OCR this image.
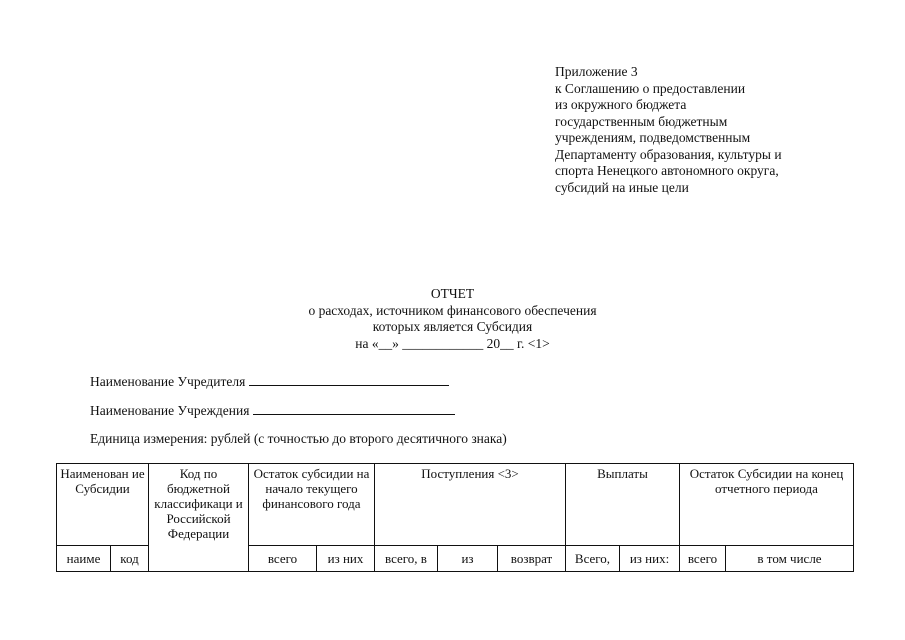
Приложение 3
к Соглашению о предоставлении
из окружного бюджета
государственным бюджетным
учреждениям, подведомственным
Департаменту образования, культуры и
спорта Ненецкого автономного округа,
субсидий на иные цели
ОТЧЕТ
о расходах, источником финансового обеспечения
которых является Субсидия
на «__» ____________ 20__ г. <1>
Наименование Учредителя
Наименование Учреждения
Единица измерения: рублей (с точностью до второго десятичного знака)
Наименован ие Субсидии		Код по бюджетной классификаци и Российской Федерации	Остаток субсидии на начало текущего финансового года		Поступления <3>			Выплаты		Остаток Субсидии на конец отчетного периода	
наиме	код		всего	из них	всего, в	из	возврат	Всего,	из них:	всего	в том числе
